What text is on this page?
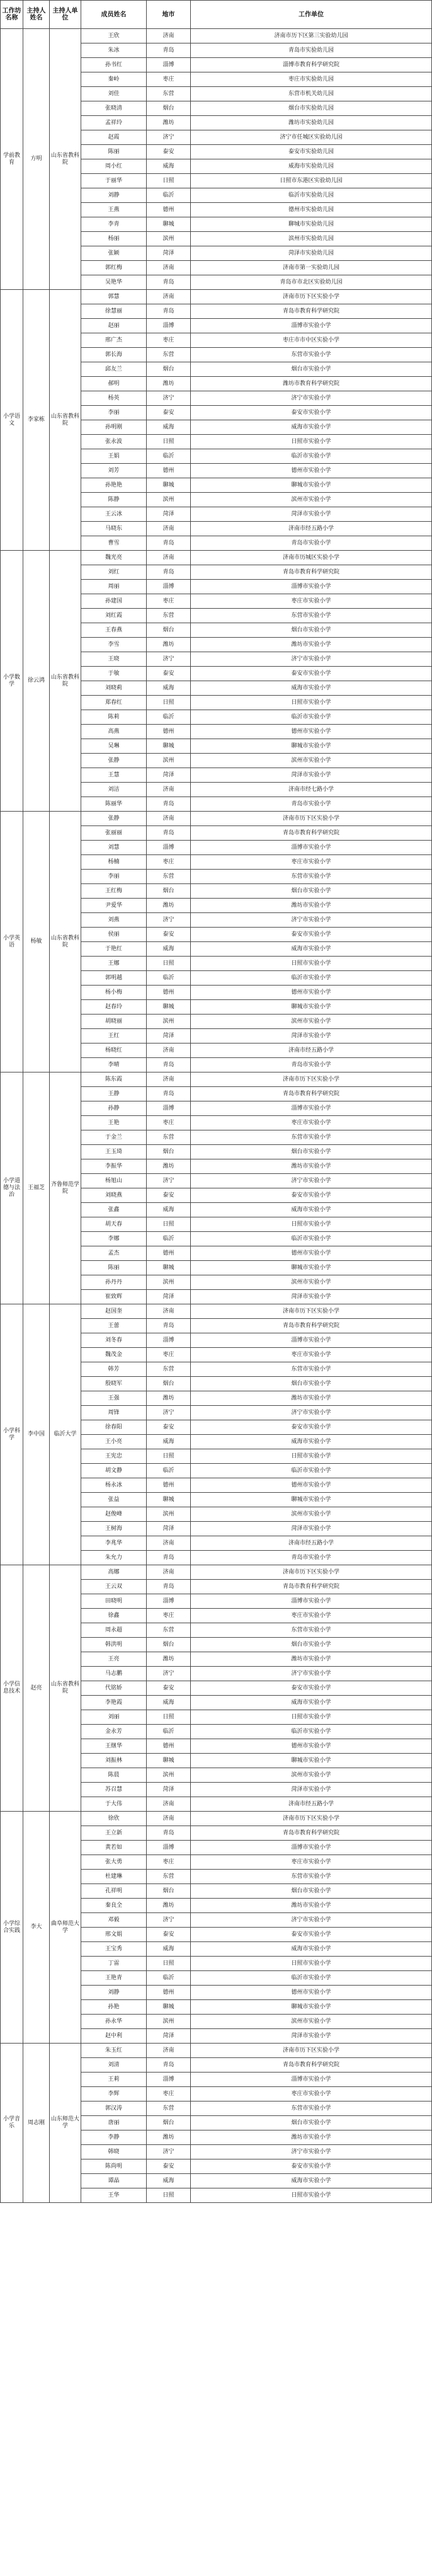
工作坊名称	主持人姓名	主持人单位	成员姓名	地市	工作单位
学前教育	方明	山东省教科院	王欣	济南	济南市历下区第三实验幼儿园
			朱冰	青岛	青岛市实验幼儿园
			孙书红	淄博	淄博市教育科学研究院
			秦岭	枣庄	枣庄市实验幼儿园
			刘佳	东营	东营市机关幼儿园
			张晓清	烟台	烟台市实验幼儿园
			孟祥玲	潍坊	潍坊市实验幼儿园
			赵霞	济宁	济宁市任城区实验幼儿园
			陈丽	泰安	泰安市实验幼儿园
			周小红	威海	威海市实验幼儿园
			于丽华	日照	日照市东港区实验幼儿园
			刘静	临沂	临沂市实验幼儿园
			王燕	德州	德州市实验幼儿园
			李青	聊城	聊城市实验幼儿园
			杨丽	滨州	滨州市实验幼儿园
			张颖	菏泽	菏泽市实验幼儿园
			郭红梅	济南	济南市第一实验幼儿园
			吴艳华	青岛	青岛市市北区实验幼儿园
小学语文	李家栋	山东省教科院	郭慧	济南	济南市历下区实验小学
			徐慧丽	青岛	青岛市教育科学研究院
			赵丽	淄博	淄博市实验小学
			邢广杰	枣庄	枣庄市市中区实验小学
			郭长海	东营	东营市实验小学
			邱友兰	烟台	烟台市实验小学
			郝明	潍坊	潍坊市教育科学研究院
			杨英	济宁	济宁市实验小学
			李丽	泰安	泰安市实验小学
			孙明刚	威海	威海市实验小学
			张永波	日照	日照市实验小学
			王娟	临沂	临沂市实验小学
			刘芳	德州	德州市实验小学
			孙艳艳	聊城	聊城市实验小学
			陈静	滨州	滨州市实验小学
			王云冰	菏泽	菏泽市实验小学
			马晓东	济南	济南市经五路小学
			曹雪	青岛	青岛市实验小学
小学数学	徐云鸿	山东省教科院	魏光亮	济南	济南市历城区实验小学
			刘红	青岛	青岛市教育科学研究院
			周丽	淄博	淄博市实验小学
			孙建国	枣庄	枣庄市实验小学
			刘红霞	东营	东营市实验小学
			王春燕	烟台	烟台市实验小学
			李雪	潍坊	潍坊市实验小学
			王晓	济宁	济宁市实验小学
			于敏	泰安	泰安市实验小学
			刘晓莉	威海	威海市实验小学
			郑春红	日照	日照市实验小学
			陈莉	临沂	临沂市实验小学
			高燕	德州	德州市实验小学
			吴琳	聊城	聊城市实验小学
			张静	滨州	滨州市实验小学
			王慧	菏泽	菏泽市实验小学
			刘洁	济南	济南市经七路小学
			陈丽华	青岛	青岛市实验小学
小学英语	杨敏	山东省教科院	张静	济南	济南市历下区实验小学
			张丽丽	青岛	青岛市教育科学研究院
			刘慧	淄博	淄博市实验小学
			杨楠	枣庄	枣庄市实验小学
			李丽	东营	东营市实验小学
			王红梅	烟台	烟台市实验小学
			尹爱华	潍坊	潍坊市实验小学
			刘燕	济宁	济宁市实验小学
			侯丽	泰安	泰安市实验小学
			于艳红	威海	威海市实验小学
			王娜	日照	日照市实验小学
			郭明越	临沂	临沂市实验小学
			杨小梅	德州	德州市实验小学
			赵春玲	聊城	聊城市实验小学
			胡晓丽	滨州	滨州市实验小学
			王红	菏泽	菏泽市实验小学
			杨晓红	济南	济南市经五路小学
			李晴	青岛	青岛市实验小学
小学道德与法治	王福芝	齐鲁师范学院	陈东霞	济南	济南市历下区实验小学
			王静	青岛	青岛市教育科学研究院
			孙静	淄博	淄博市实验小学
			王艳	枣庄	枣庄市实验小学
			于金兰	东营	东营市实验小学
			王玉琦	烟台	烟台市实验小学
			李振华	潍坊	潍坊市实验小学
			杨旭山	济宁	济宁市实验小学
			刘晓燕	泰安	泰安市实验小学
			张鑫	威海	威海市实验小学
			胡天春	日照	日照市实验小学
			李娜	临沂	临沂市实验小学
			孟杰	德州	德州市实验小学
			陈丽	聊城	聊城市实验小学
			孙丹丹	滨州	滨州市实验小学
			崔致辉	菏泽	菏泽市实验小学
小学科学	李中国	临沂大学	赵国奎	济南	济南市历下区实验小学
			王蕾	青岛	青岛市教育科学研究院
			刘冬春	淄博	淄博市实验小学
			魏茂金	枣庄	枣庄市实验小学
			韩芳	东营	东营市实验小学
			殷晓军	烟台	烟台市实验小学
			王强	潍坊	潍坊市实验小学
			周锋	济宁	济宁市实验小学
			徐春阳	泰安	泰安市实验小学
			王小亮	威海	威海市实验小学
			王宪忠	日照	日照市实验小学
			胡文静	临沂	临沂市实验小学
			杨永冰	德州	德州市实验小学
			张益	聊城	聊城市实验小学
			赵俊峰	滨州	滨州市实验小学
			王树海	菏泽	菏泽市实验小学
			李兆华	济南	济南市经五路小学
			朱允力	青岛	青岛市实验小学
小学信息技术	赵亮	山东省教科院	高娜	济南	济南市历下区实验小学
			王云双	青岛	青岛市教育科学研究院
			田晓明	淄博	淄博市实验小学
			徐鑫	枣庄	枣庄市实验小学
			周永超	东营	东营市实验小学
			韩洪明	烟台	烟台市实验小学
			王亮	潍坊	潍坊市实验小学
			马志鹏	济宁	济宁市实验小学
			代铭娇	泰安	泰安市实验小学
			李艳霞	威海	威海市实验小学
			刘丽	日照	日照市实验小学
			金永芳	临沂	临沂市实验小学
			王继华	德州	德州市实验小学
			刘振林	聊城	聊城市实验小学
			陈晨	滨州	滨州市实验小学
			苏召慧	菏泽	菏泽市实验小学
			于大伟	济南	济南市经五路小学
小学综合实践	李大	曲阜师范大学	徐欣	济南	济南市历下区实验小学
			王立新	青岛	青岛市教育科学研究院
			黄若如	淄博	淄博市实验小学
			张大勇	枣庄	枣庄市实验小学
			杜建琳	东营	东营市实验小学
			孔祥明	烟台	烟台市实验小学
			秦良全	潍坊	潍坊市实验小学
			邓毅	济宁	济宁市实验小学
			邢文娟	泰安	泰安市实验小学
			王宝秀	威海	威海市实验小学
			丁雷	日照	日照市实验小学
			王艳青	临沂	临沂市实验小学
			刘静	德州	德州市实验小学
			孙艳	聊城	聊城市实验小学
			孙永华	滨州	滨州市实验小学
			赵中利	菏泽	菏泽市实验小学
小学音乐	周志刚	山东师范大学	朱玉红	济南	济南市历下区实验小学
			刘清	青岛	青岛市教育科学研究院
			王莉	淄博	淄博市实验小学
			李辉	枣庄	枣庄市实验小学
			郭汉涛	东营	东营市实验小学
			唐丽	烟台	烟台市实验小学
			李静	潍坊	潍坊市实验小学
			韩晓	济宁	济宁市实验小学
			陈尚明	泰安	泰安市实验小学
			谭晶	威海	威海市实验小学
			王华	日照	日照市实验小学
